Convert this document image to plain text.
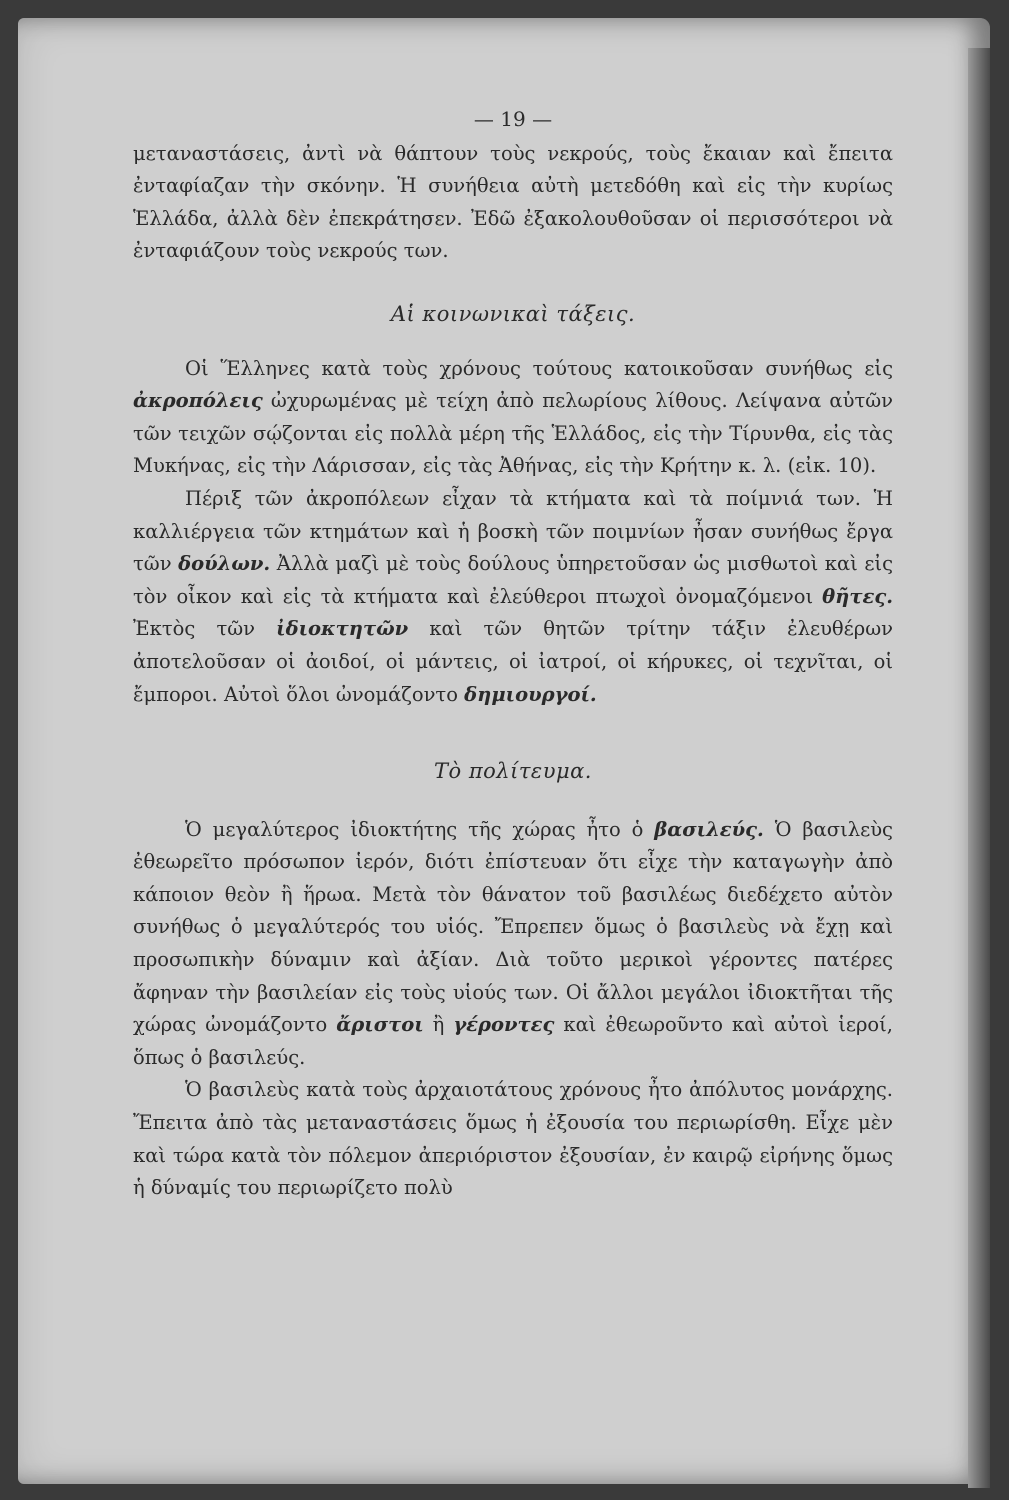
— 19 —

μεταναστάσεις, ἀντὶ νὰ θάπτουν τοὺς νεκρούς, τοὺς ἔκαιαν καὶ ἔπειτα ἐνταφίαζαν τὴν σκόνην. Ἡ συνήθεια αὐτὴ μετεδόθη καὶ εἰς τὴν κυρίως Ἑλλάδα, ἀλλὰ δὲν ἐπεκράτησεν. Ἐδῶ ἐξακολουθοῦσαν οἱ περισσότεροι νὰ ἐνταφιάζουν τοὺς νεκρούς των.

Αἱ κοινωνικαὶ τάξεις.

Οἱ Ἕλληνες κατὰ τοὺς χρόνους τούτους κατοικοῦσαν συνήθως εἰς ἀκροπόλεις ὠχυρωμένας μὲ τείχη ἀπὸ πελωρίους λίθους. Λείψανα αὐτῶν τῶν τειχῶν σῴζονται εἰς πολλὰ μέρη τῆς Ἑλλάδος, εἰς τὴν Τίρυνθα, εἰς τὰς Μυκήνας, εἰς τὴν Λάρισσαν, εἰς τὰς Ἀθήνας, εἰς τὴν Κρήτην κ. λ. (εἰκ. 10).

Πέριξ τῶν ἀκροπόλεων εἶχαν τὰ κτήματα καὶ τὰ ποίμνιά των. Ἡ καλλιέργεια τῶν κτημάτων καὶ ἡ βοσκὴ τῶν ποιμνίων ἦσαν συνήθως ἔργα τῶν δούλων. Ἀλλὰ μαζὶ μὲ τοὺς δούλους ὑπηρετοῦσαν ὡς μισθωτοὶ καὶ εἰς τὸν οἶκον καὶ εἰς τὰ κτήματα καὶ ἐλεύθεροι πτωχοὶ ὀνομαζόμενοι θῆτες. Ἐκτὸς τῶν ἰδιοκτητῶν καὶ τῶν θητῶν τρίτην τάξιν ἐλευθέρων ἀποτελοῦσαν οἱ ἀοιδοί, οἱ μάντεις, οἱ ἰατροί, οἱ κήρυκες, οἱ τεχνῖται, οἱ ἔμποροι. Αὐτοὶ ὅλοι ὠνομάζοντο δημιουργοί.

Τὸ πολίτευμα.

Ὁ μεγαλύτερος ἰδιοκτήτης τῆς χώρας ἦτο ὁ βασιλεύς. Ὁ βασιλεὺς ἐθεωρεῖτο πρόσωπον ἱερόν, διότι ἐπίστευαν ὅτι εἶχε τὴν καταγωγὴν ἀπὸ κάποιον θεὸν ἢ ἥρωα. Μετὰ τὸν θάνατον τοῦ βασιλέως διεδέχετο αὐτὸν συνήθως ὁ μεγαλύτερός του υἱός. Ἔπρεπεν ὅμως ὁ βασιλεὺς νὰ ἔχῃ καὶ προσωπικὴν δύναμιν καὶ ἀξίαν. Διὰ τοῦτο μερικοὶ γέροντες πατέρες ἄφηναν τὴν βασιλείαν εἰς τοὺς υἱούς των. Οἱ ἄλλοι μεγάλοι ἰδιοκτῆται τῆς χώρας ὠνομάζοντο ἄριστοι ἢ γέροντες καὶ ἐθεωροῦντο καὶ αὐτοὶ ἱεροί, ὅπως ὁ βασιλεύς.

Ὁ βασιλεὺς κατὰ τοὺς ἀρχαιοτάτους χρόνους ἦτο ἀπόλυτος μονάρχης. Ἔπειτα ἀπὸ τὰς μεταναστάσεις ὅμως ἡ ἐξουσία του περιωρίσθη. Εἶχε μὲν καὶ τώρα κατὰ τὸν πόλεμον ἀπεριόριστον ἐξουσίαν, ἐν καιρῷ εἰρήνης ὅμως ἡ δύναμίς του περιωρίζετο πολὺ
